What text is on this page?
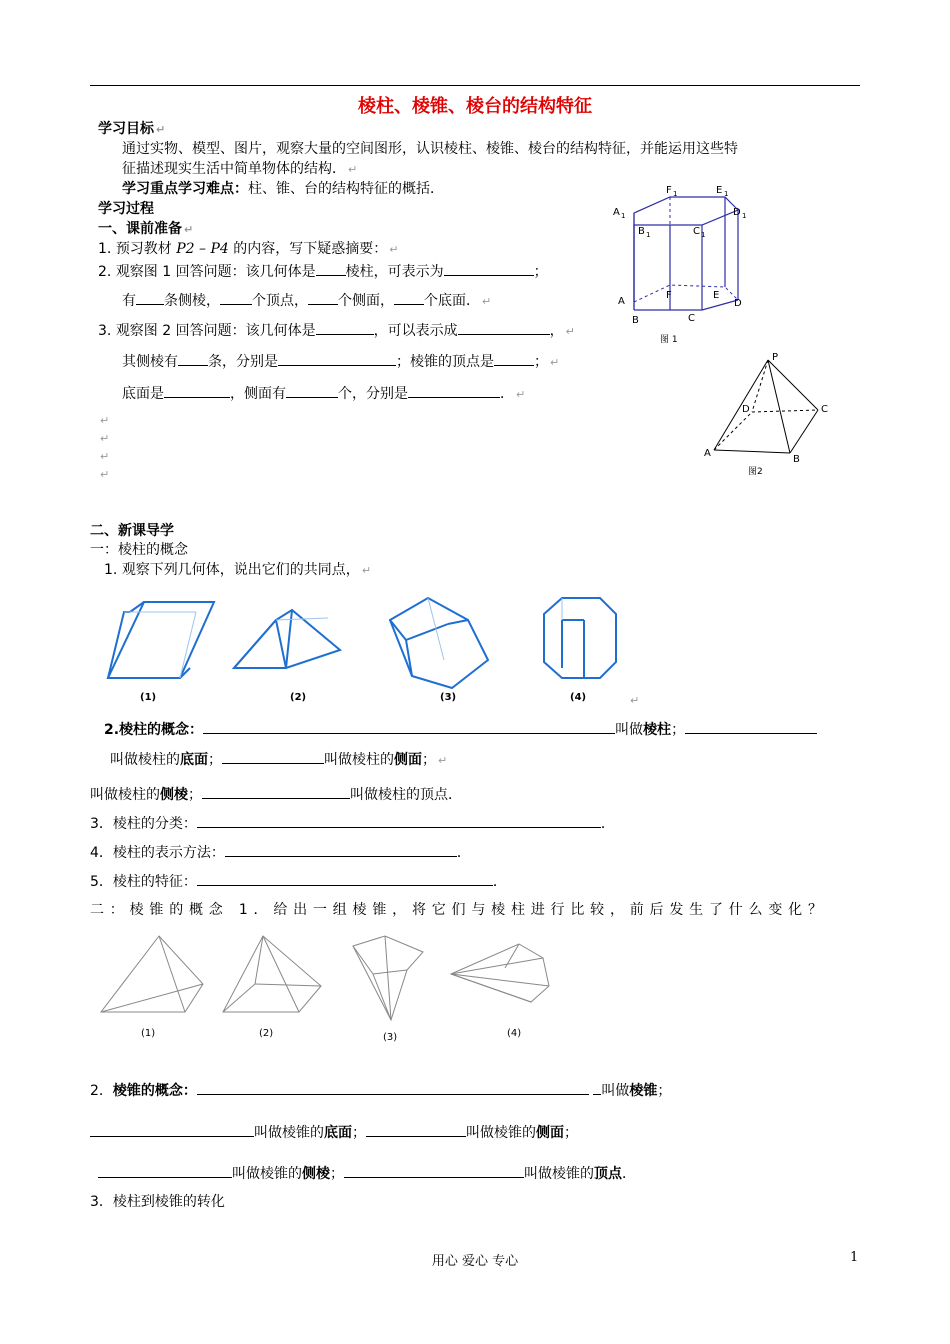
棱柱、棱锥、棱台的结构特征
学习目标 ↵
通过实物、模型、图片，观察大量的空间图形，认识棱柱、棱锥、棱台的结构特征，并能运用这些特
征描述现实生活中简单物体的结构． ↵
学习重点学习难点：柱、锥、台的结构特征的概括．
学习过程
一、课前准备 ↵
1. 预习教材 P2 – P4 的内容，写下疑惑摘要： ↵
2. 观察图 1 回答问题：该几何体是 棱柱，可表示为	；
有 条侧棱， 个顶点， 个侧面， 个底面． ↵
3. 观察图 2 回答问题：该几何体是	，可以表示成	， ↵
其侧棱有 条，分别是	；棱锥的顶点是	； ↵
底面是	，侧面有	个，分别是	． ↵
↵
↵
↵
↵
F 1	E 1
A 1	D 1
B 1	C 1
A
F	E
D
B	C
图 1
P
D	C
A
B
图2
二、新课导学
一：棱柱的概念
1. 观察下列几何体，说出它们的共同点， ↵
(1)	(2)	(3)	(4)	↵
2.棱柱的概念：	叫做棱柱；
叫做棱柱的底面；	叫做棱柱的侧面； ↵
叫做棱柱的侧棱；	叫做棱柱的顶点．
3．棱柱的分类：	．
4．棱柱的表示方法：	．
5．棱柱的特征：	．
二：棱锥的概念 1．给出一组棱锥，将它们与棱柱进行比较，前后发生了什么变化？
(1)	(2)	(3)	(4)
2．棱锥的概念：	叫做棱锥；
叫做棱锥的底面；	叫做棱锥的侧面；
叫做棱锥的侧棱；	叫做棱锥的顶点．
3．棱柱到棱锥的转化
用心 爱心 专心	1
